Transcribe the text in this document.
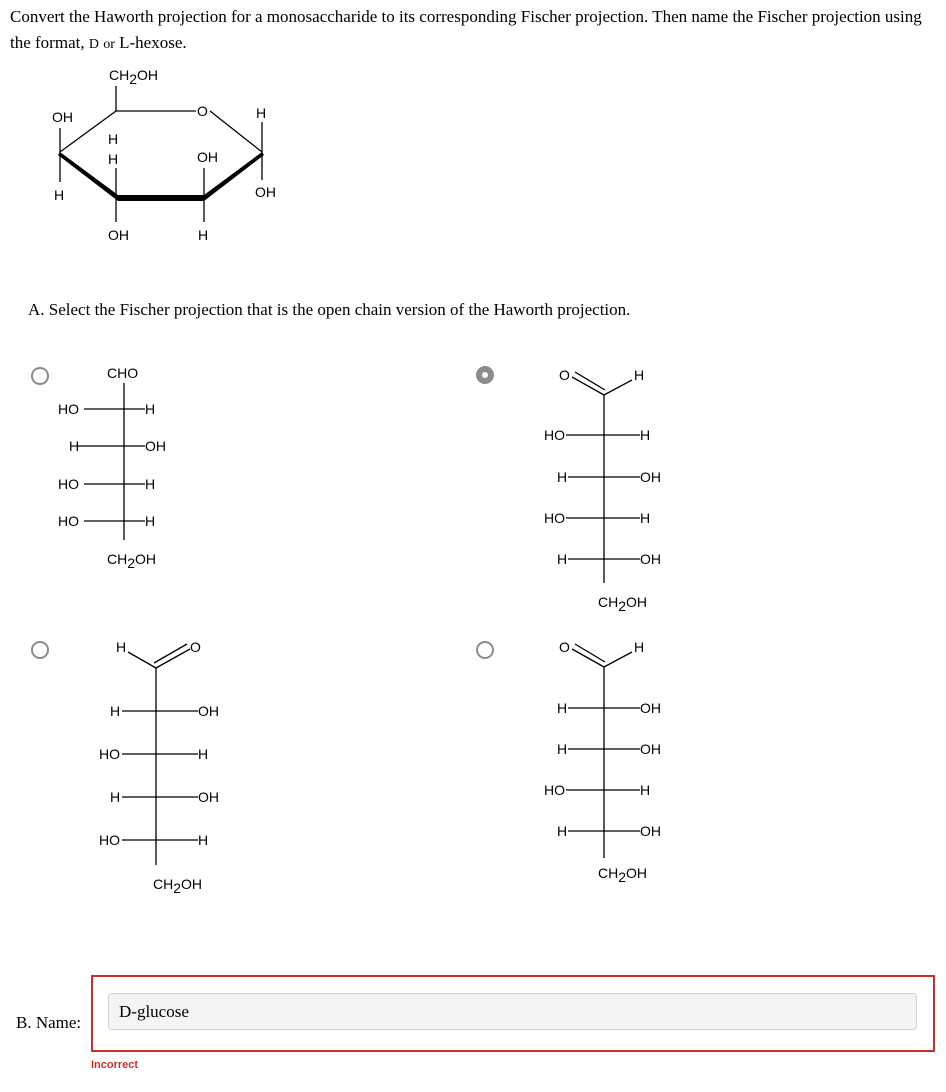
Convert the Haworth projection for a monosaccharide to its corresponding Fischer projection. Then name the Fischer projection using the format, D or L-hexose.
CH2OH
O
OH
H
H
H
OH
OH
H
H
OH
A. Select the Fischer projection that is the open chain version of the Haworth projection.
CHO
HO	H
H	OH
HO	H
HO	H
CH2OH
O	H
HO	H
H	OH
HO	H
H	OH
CH2OH
H	O
H	OH
HO	H
H	OH
HO	H
CH2OH
O	H
H	OH
H	OH
HO	H
H	OH
CH2OH
B. Name:
D-glucose
Incorrect
